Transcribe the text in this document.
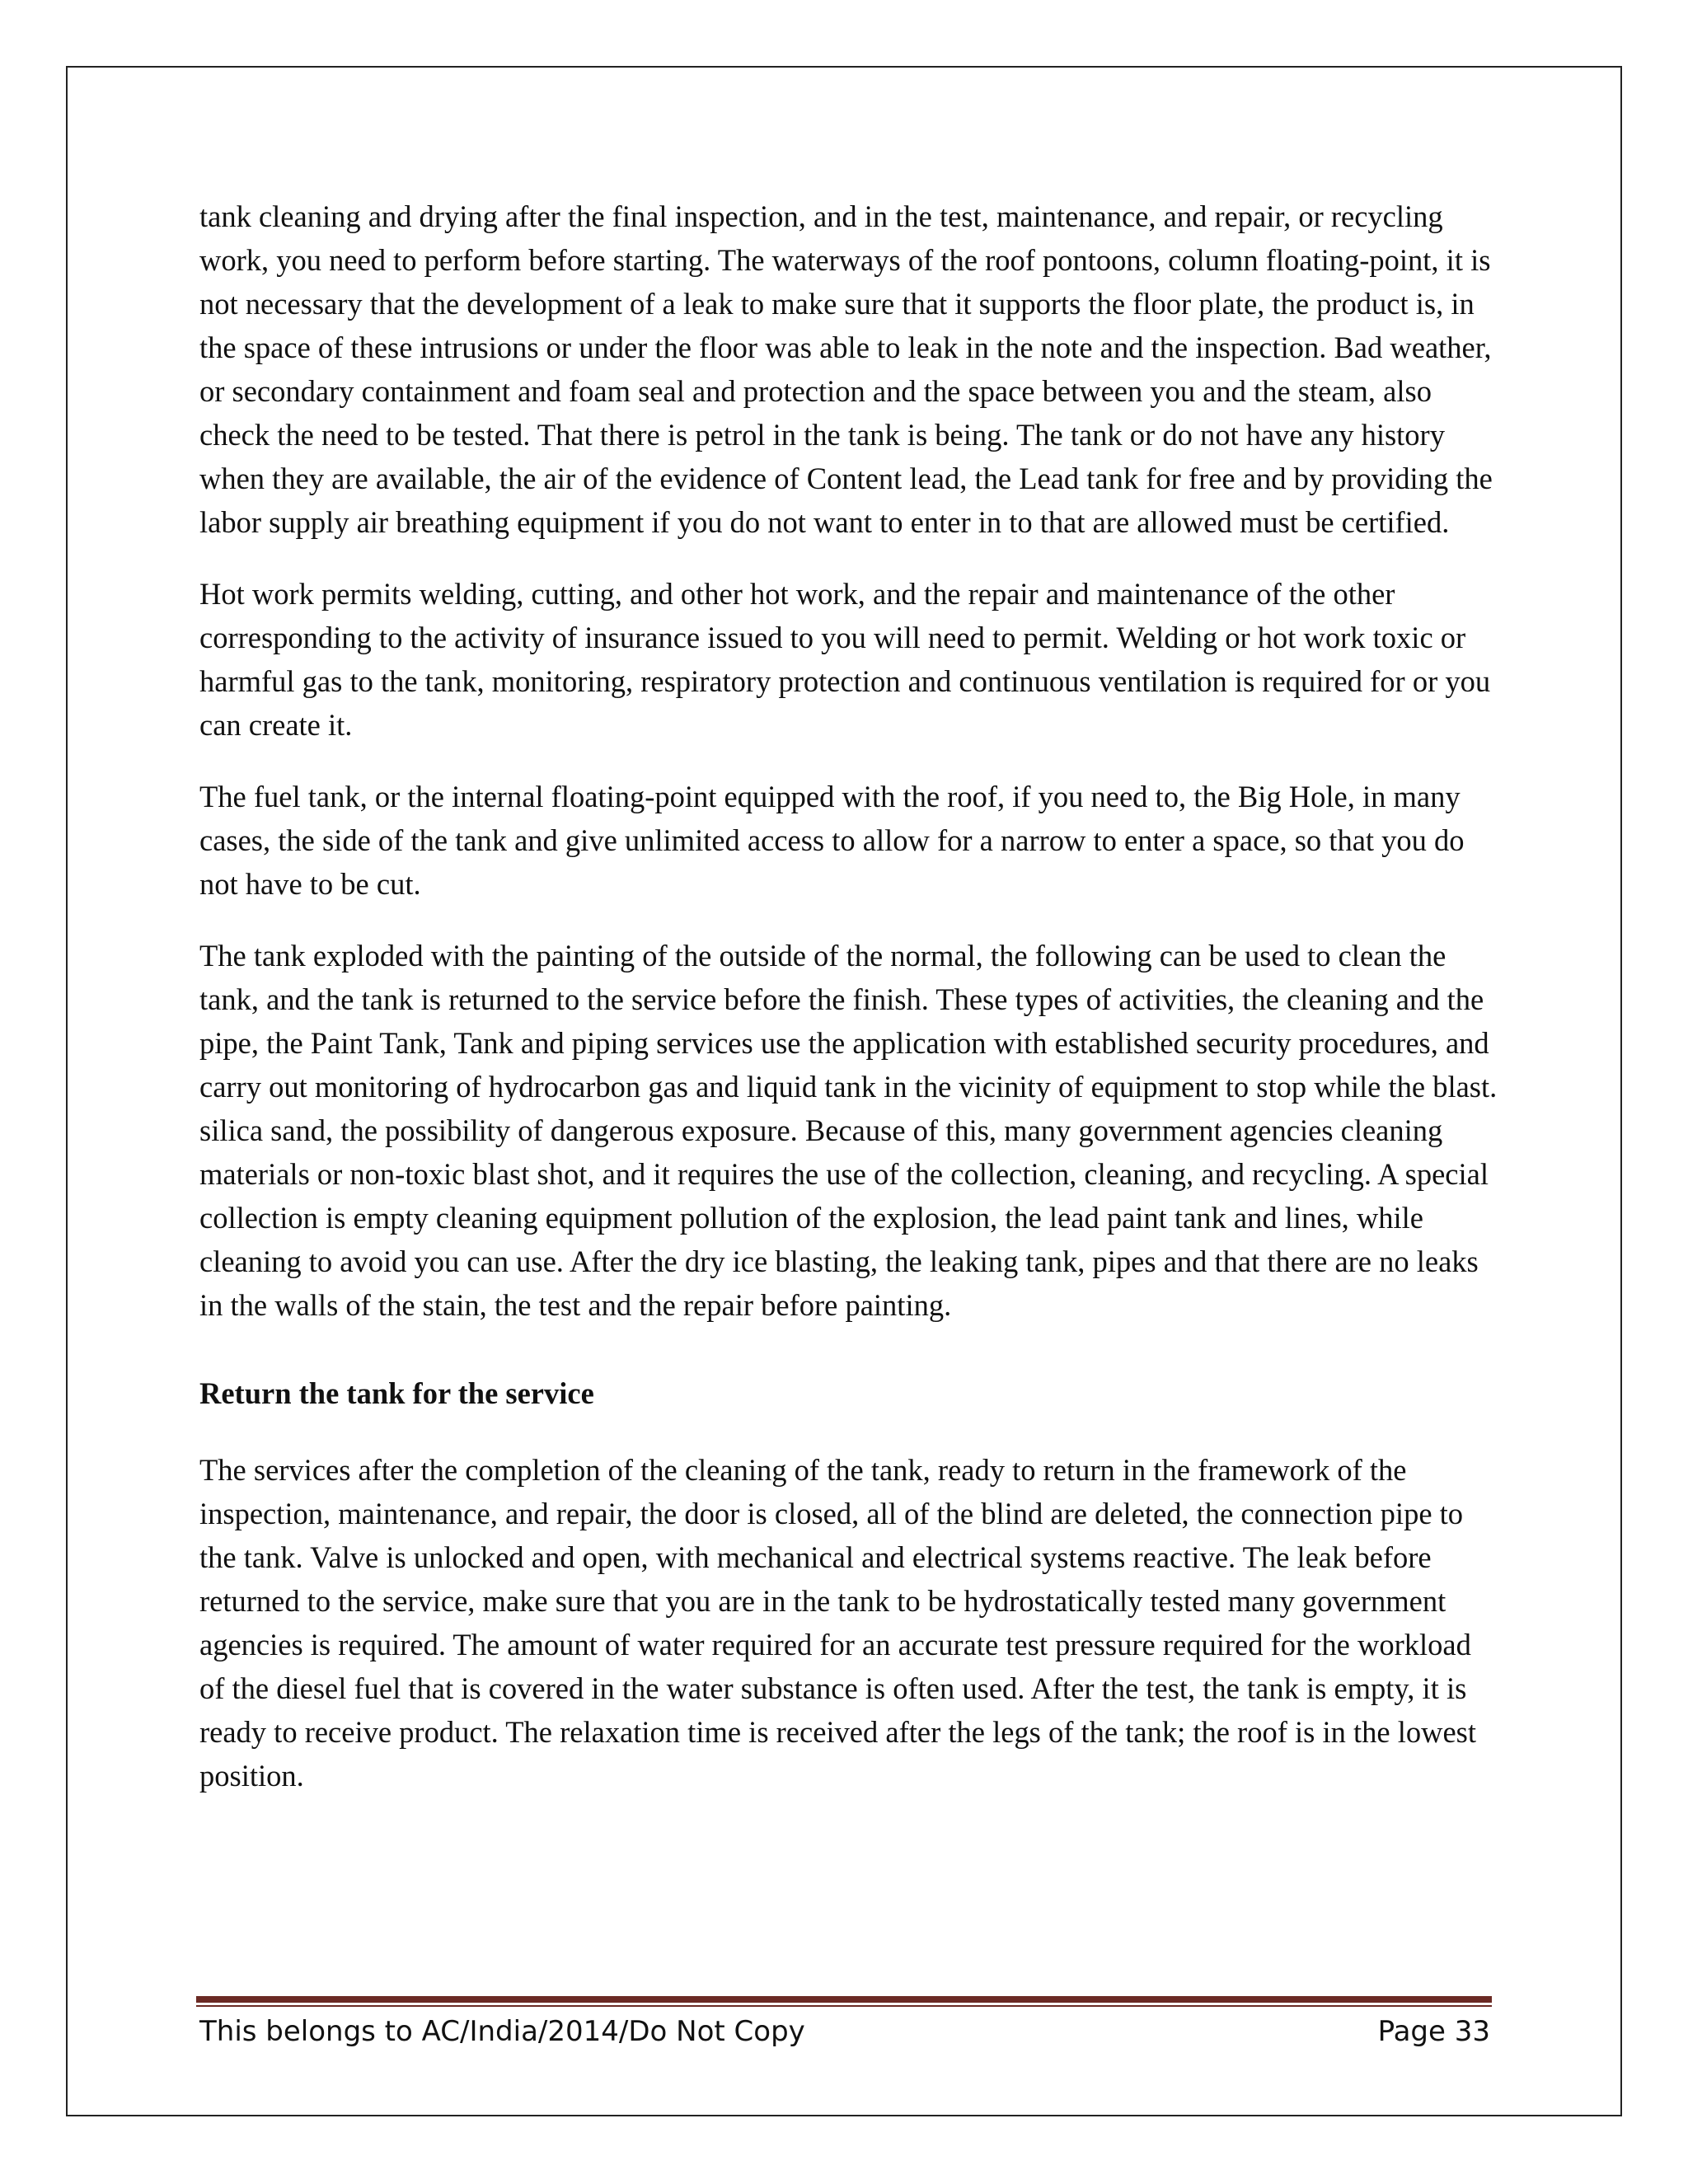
tank cleaning and drying after the final inspection, and in the test, maintenance, and repair, or recycling work, you need to perform before starting. The waterways of the roof pontoons, column floating-point, it is not necessary that the development of a leak to make sure that it supports the floor plate, the product is, in the space of these intrusions or under the floor was able to leak in the note and the inspection. Bad weather, or secondary containment and foam seal and protection and the space between you and the steam, also check the need to be tested. That there is petrol in the tank is being. The tank or do not have any history when they are available, the air of the evidence of Content lead, the Lead tank for free and by providing the labor supply air breathing equipment if you do not want to enter in to that are allowed must be certified.

Hot work permits welding, cutting, and other hot work, and the repair and maintenance of the other corresponding to the activity of insurance issued to you will need to permit. Welding or hot work toxic or harmful gas to the tank, monitoring, respiratory protection and continuous ventilation is required for or you can create it.

The fuel tank, or the internal floating-point equipped with the roof, if you need to, the Big Hole, in many cases, the side of the tank and give unlimited access to allow for a narrow to enter a space, so that you do not have to be cut.

The tank exploded with the painting of the outside of the normal, the following can be used to clean the tank, and the tank is returned to the service before the finish. These types of activities, the cleaning and the pipe, the Paint Tank, Tank and piping services use the application with established security procedures, and carry out monitoring of hydrocarbon gas and liquid tank in the vicinity of equipment to stop while the blast. silica sand, the possibility of dangerous exposure. Because of this, many government agencies cleaning materials or non-toxic blast shot, and it requires the use of the collection, cleaning, and recycling. A special collection is empty cleaning equipment pollution of the explosion, the lead paint tank and lines, while cleaning to avoid you can use. After the dry ice blasting, the leaking tank, pipes and that there are no leaks in the walls of the stain, the test and the repair before painting.

Return the tank for the service

The services after the completion of the cleaning of the tank, ready to return in the framework of the inspection, maintenance, and repair, the door is closed, all of the blind are deleted, the connection pipe to the tank. Valve is unlocked and open, with mechanical and electrical systems reactive. The leak before returned to the service, make sure that you are in the tank to be hydrostatically tested many government agencies is required. The amount of water required for an accurate test pressure required for the workload of the diesel fuel that is covered in the water substance is often used. After the test, the tank is empty, it is ready to receive product. The relaxation time is received after the legs of the tank; the roof is in the lowest position.

This belongs to AC/India/2014/Do Not Copy	Page 33
